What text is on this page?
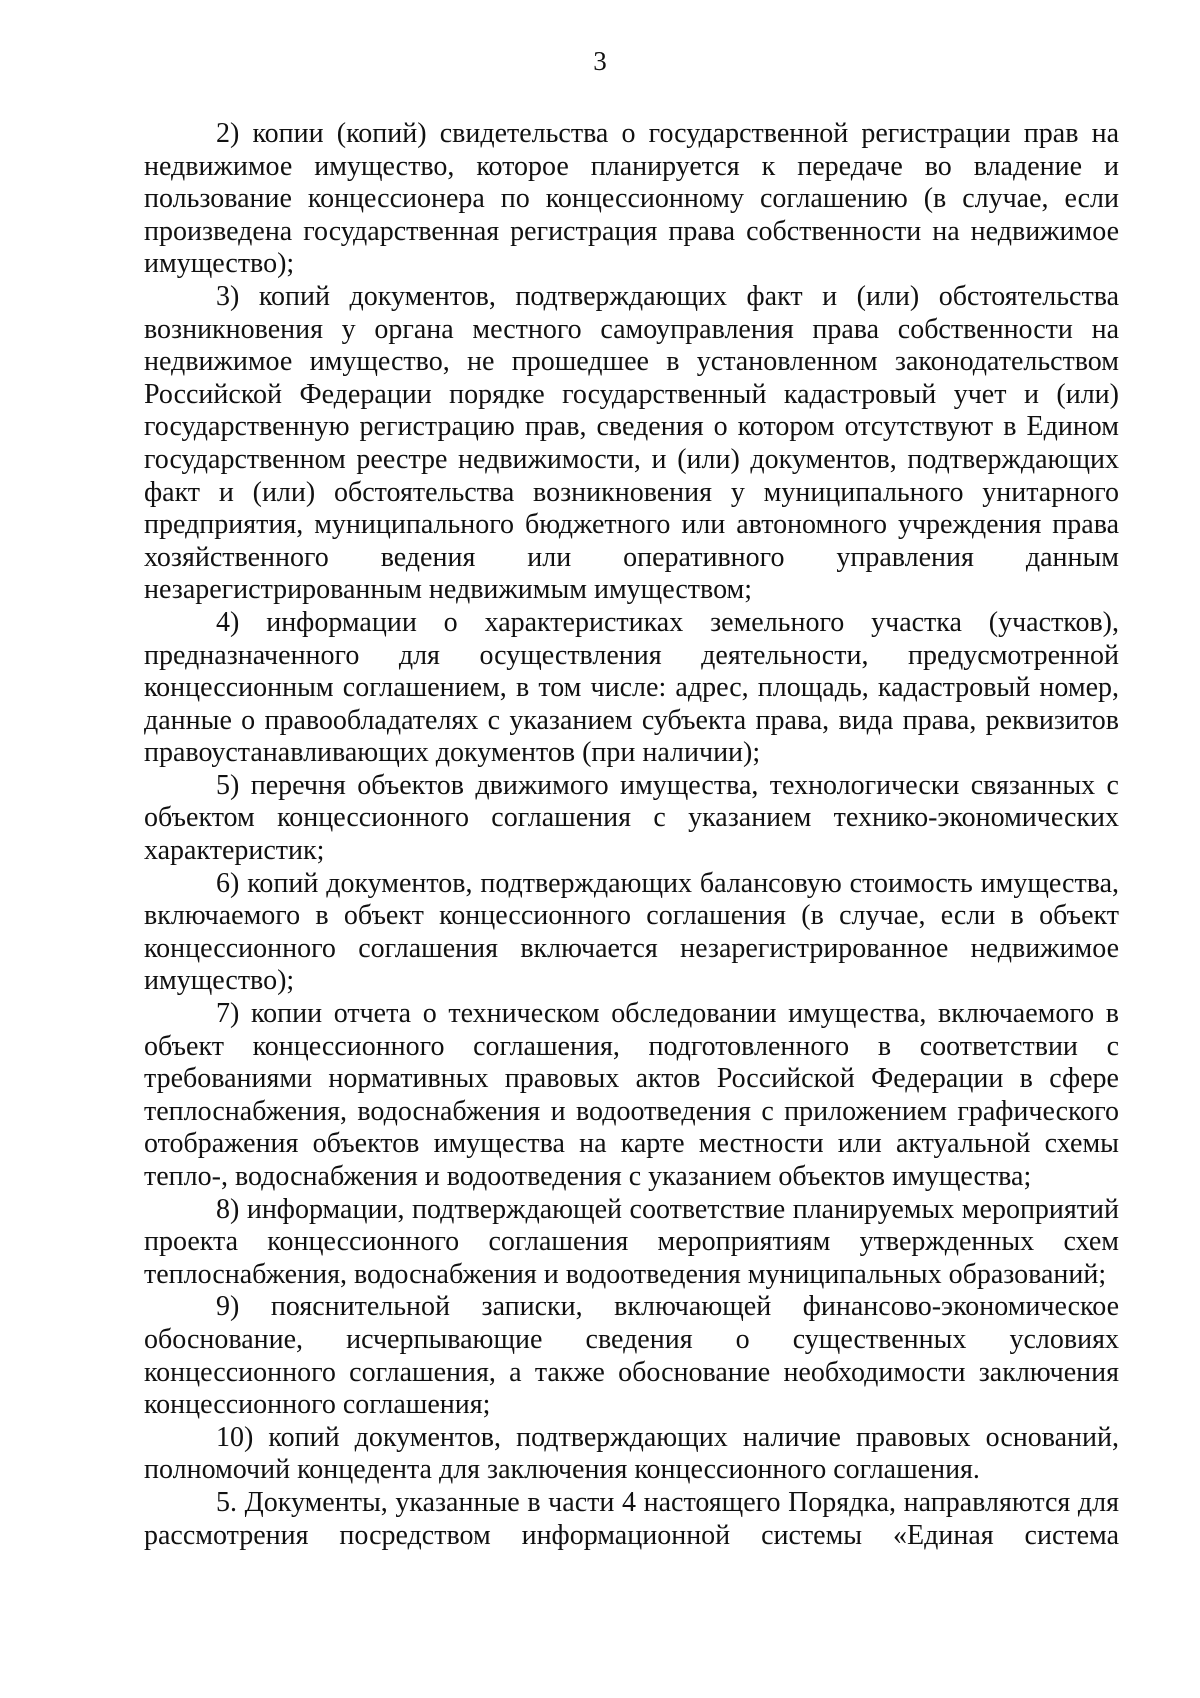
3

2) копии (копий) свидетельства о государственной регистрации прав на недвижимое имущество, которое планируется к передаче во владение и пользование концессионера по концессионному соглашению (в случае, если произведена государственная регистрация права собственности на недвижимое имущество);

3) копий документов, подтверждающих факт и (или) обстоятельства возникновения у органа местного самоуправления права собственности на недвижимое имущество, не прошедшее в установленном законодательством Российской Федерации порядке государственный кадастровый учет и (или) государственную регистрацию прав, сведения о котором отсутствуют в Едином государственном реестре недвижимости, и (или) документов, подтверждающих факт и (или) обстоятельства возникновения у муниципального унитарного предприятия, муниципального бюджетного или автономного учреждения права хозяйственного ведения или оперативного управления данным незарегистрированным недвижимым имуществом;

4) информации о характеристиках земельного участка (участков), предназначенного для осуществления деятельности, предусмотренной концессионным соглашением, в том числе: адрес, площадь, кадастровый номер, данные о правообладателях с указанием субъекта права, вида права, реквизитов правоустанавливающих документов (при наличии);

5) перечня объектов движимого имущества, технологически связанных с объектом концессионного соглашения с указанием технико-экономических характеристик;

6) копий документов, подтверждающих балансовую стоимость имущества, включаемого в объект концессионного соглашения (в случае, если в объект концессионного соглашения включается незарегистрированное недвижимое имущество);

7) копии отчета о техническом обследовании имущества, включаемого в объект концессионного соглашения, подготовленного в соответствии с требованиями нормативных правовых актов Российской Федерации в сфере теплоснабжения, водоснабжения и водоотведения с приложением графического отображения объектов имущества на карте местности или актуальной схемы тепло-, водоснабжения и водоотведения с указанием объектов имущества;

8) информации, подтверждающей соответствие планируемых мероприятий проекта концессионного соглашения мероприятиям утвержденных схем теплоснабжения, водоснабжения и водоотведения муниципальных образований;

9) пояснительной записки, включающей финансово-экономическое обоснование, исчерпывающие сведения о существенных условиях концессионного соглашения, а также обоснование необходимости заключения концессионного соглашения;

10) копий документов, подтверждающих наличие правовых оснований, полномочий концедента для заключения концессионного соглашения.

5. Документы, указанные в части 4 настоящего Порядка, направляются для рассмотрения посредством информационной системы «Единая система
